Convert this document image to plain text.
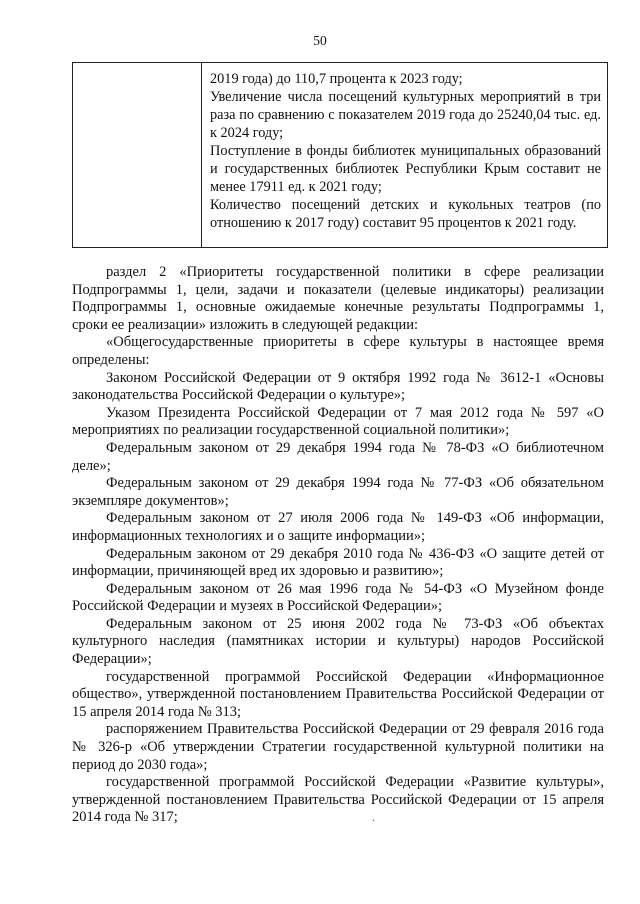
50

2019 года) до 110,7 процента к 2023 году;

Увеличение числа посещений культурных мероприятий в три раза по сравнению с показателем 2019 года до 25240,04 тыс. ед. к 2024 году;

Поступление в фонды библиотек муниципальных образований и государственных библиотек Республики Крым составит не менее 17911 ед. к 2021 году;

Количество посещений детских и кукольных театров (по отношению к 2017 году) составит 95 процентов к 2021 году.

раздел 2 «Приоритеты государственной политики в сфере реализации Подпрограммы 1, цели, задачи и показатели (целевые индикаторы) реализации Подпрограммы 1, основные ожидаемые конечные результаты Подпрограммы 1, сроки ее реализации» изложить в следующей редакции:

«Общегосударственные приоритеты в сфере культуры в настоящее время определены:

Законом Российской Федерации от 9 октября 1992 года № 3612-1 «Основы законодательства Российской Федерации о культуре»;

Указом Президента Российской Федерации от 7 мая 2012 года № 597 «О мероприятиях по реализации государственной социальной политики»;

Федеральным законом от 29 декабря 1994 года № 78-ФЗ «О библиотечном деле»;

Федеральным законом от 29 декабря 1994 года № 77-ФЗ «Об обязательном экземпляре документов»;

Федеральным законом от 27 июля 2006 года № 149-ФЗ «Об информации, информационных технологиях и о защите информации»;

Федеральным законом от 29 декабря 2010 года № 436-ФЗ «О защите детей от информации, причиняющей вред их здоровью и развитию»;

Федеральным законом от 26 мая 1996 года № 54-ФЗ «О Музейном фонде Российской Федерации и музеях в Российской Федерации»;

Федеральным законом от 25 июня 2002 года № 73-ФЗ «Об объектах культурного наследия (памятниках истории и культуры) народов Российской Федерации»;

государственной программой Российской Федерации «Информационное общество», утвержденной постановлением Правительства Российской Федерации от 15 апреля 2014 года № 313;

распоряжением Правительства Российской Федерации от 29 февраля 2016 года № 326-р «Об утверждении Стратегии государственной культурной политики на период до 2030 года»;

государственной программой Российской Федерации «Развитие культуры», утвержденной постановлением Правительства Российской Федерации от 15 апреля 2014 года № 317;	.
